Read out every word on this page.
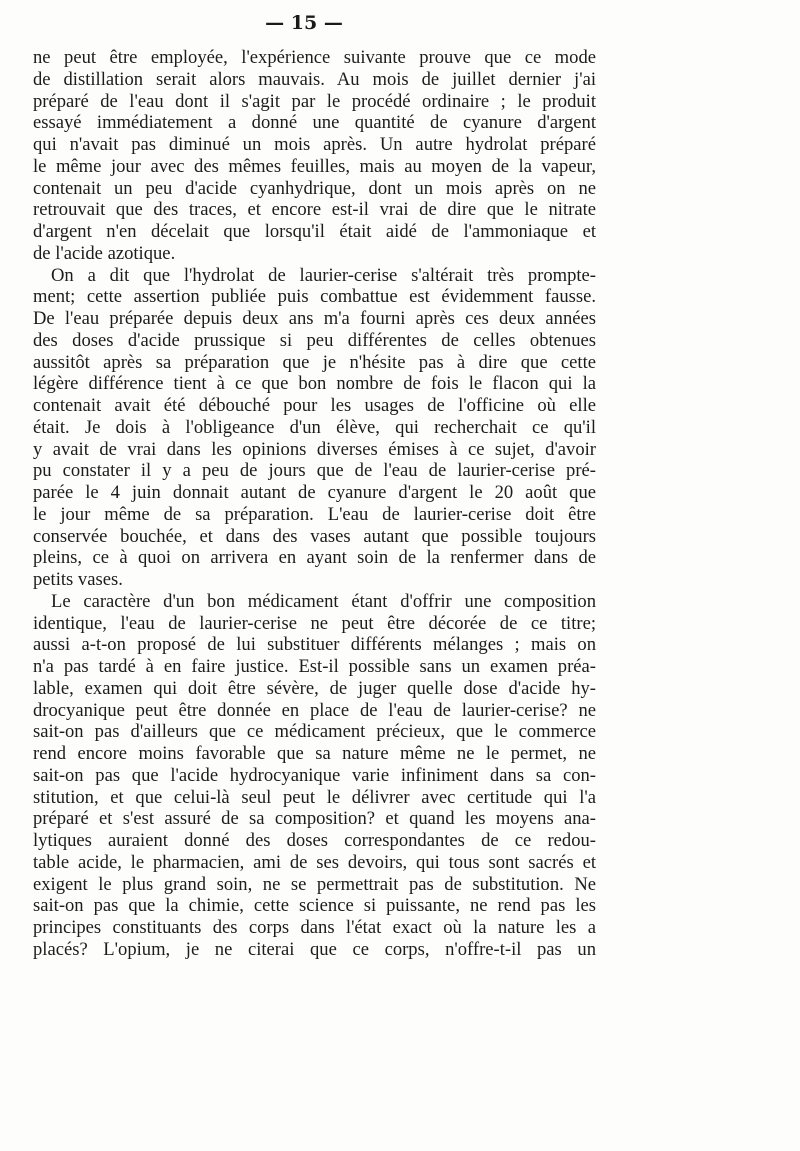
— 15 —
ne peut être employée, l'expérience suivante prouve que ce mode
de distillation serait alors mauvais. Au mois de juillet dernier j'ai
préparé de l'eau dont il s'agit par le procédé ordinaire ; le produit
essayé immédiatement a donné une quantité de cyanure d'argent
qui n'avait pas diminué un mois après. Un autre hydrolat préparé
le même jour avec des mêmes feuilles, mais au moyen de la vapeur,
contenait un peu d'acide cyanhydrique, dont un mois après on ne
retrouvait que des traces, et encore est-il vrai de dire que le nitrate
d'argent n'en décelait que lorsqu'il était aidé de l'ammoniaque et
de l'acide azotique.
On a dit que l'hydrolat de laurier-cerise s'altérait très prompte-
ment; cette assertion publiée puis combattue est évidemment fausse.
De l'eau préparée depuis deux ans m'a fourni après ces deux années
des doses d'acide prussique si peu différentes de celles obtenues
aussitôt après sa préparation que je n'hésite pas à dire que cette
légère différence tient à ce que bon nombre de fois le flacon qui la
contenait avait été débouché pour les usages de l'officine où elle
était. Je dois à l'obligeance d'un élève, qui recherchait ce qu'il
y avait de vrai dans les opinions diverses émises à ce sujet, d'avoir
pu constater il y a peu de jours que de l'eau de laurier-cerise pré-
parée le 4 juin donnait autant de cyanure d'argent le 20 août que
le jour même de sa préparation. L'eau de laurier-cerise doit être
conservée bouchée, et dans des vases autant que possible toujours
pleins, ce à quoi on arrivera en ayant soin de la renfermer dans de
petits vases.
Le caractère d'un bon médicament étant d'offrir une composition
identique, l'eau de laurier-cerise ne peut être décorée de ce titre;
aussi a-t-on proposé de lui substituer différents mélanges ; mais on
n'a pas tardé à en faire justice. Est-il possible sans un examen préa-
lable, examen qui doit être sévère, de juger quelle dose d'acide hy-
drocyanique peut être donnée en place de l'eau de laurier-cerise? ne
sait-on pas d'ailleurs que ce médicament précieux, que le commerce
rend encore moins favorable que sa nature même ne le permet, ne
sait-on pas que l'acide hydrocyanique varie infiniment dans sa con-
stitution, et que celui-là seul peut le délivrer avec certitude qui l'a
préparé et s'est assuré de sa composition? et quand les moyens ana-
lytiques auraient donné des doses correspondantes de ce redou-
table acide, le pharmacien, ami de ses devoirs, qui tous sont sacrés et
exigent le plus grand soin, ne se permettrait pas de substitution. Ne
sait-on pas que la chimie, cette science si puissante, ne rend pas les
principes constituants des corps dans l'état exact où la nature les a
placés? L'opium, je ne citerai que ce corps, n'offre-t-il pas un
